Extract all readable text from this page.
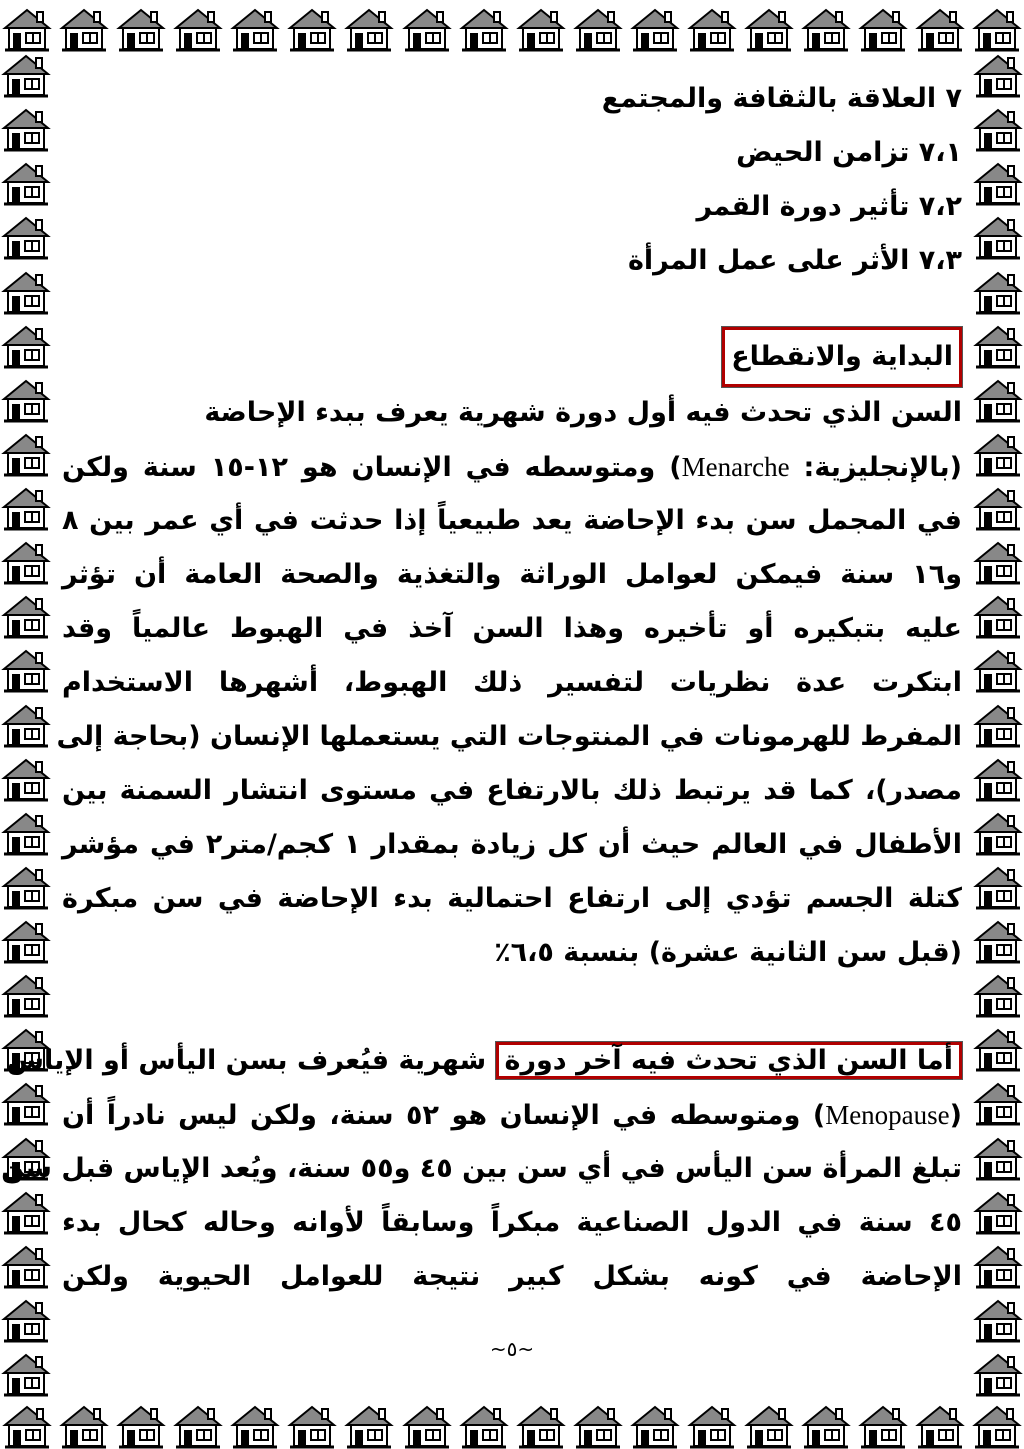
٧ العلاقة بالثقافة والمجتمع
٧،١ تزامن الحيض
٧،٢ تأثير دورة القمر
٧،٣ الأثر على عمل المرأة
البداية والانقطاع
السن الذي تحدث فيه أول دورة شهرية يعرف ببدء الإحاضة
(بالإنجليزية: Menarche) ومتوسطه في الإنسان هو ١٢-١٥ سنة ولكن
في المجمل سن بدء الإحاضة يعد طبيعياً إذا حدثت في أي عمر بين ٨
و١٦ سنة فيمكن لعوامل الوراثة والتغذية والصحة العامة أن تؤثر
عليه بتبكيره أو تأخيره وهذا السن آخذ في الهبوط عالمياً وقد
ابتكرت عدة نظريات لتفسير ذلك الهبوط، أشهرها الاستخدام
المفرط للهرمونات في المنتوجات التي يستعملها الإنسان (بحاجة إلى
مصدر)، كما قد يرتبط ذلك بالارتفاع في مستوى انتشار السمنة بين
الأطفال في العالم حيث أن كل زيادة بمقدار ١ كجم/متر٢ في مؤشر
كتلة الجسم تؤدي إلى ارتفاع احتمالية بدء الإحاضة في سن مبكرة
(قبل سن الثانية عشرة) بنسبة ٦،٥٪
أما السن الذي تحدث فيه آخر دورة شهرية فيُعرف بسن اليأس أو الإياس
(Menopause) ومتوسطه في الإنسان هو ٥٢ سنة، ولكن ليس نادراً أن
تبلغ المرأة سن اليأس في أي سن بين ٤٥ و٥٥ سنة، ويُعد الإياس قبل سن
٤٥ سنة في الدول الصناعية مبكراً وسابقاً لأوانه وحاله كحال بدء
الإحاضة في كونه بشكل كبير نتيجة للعوامل الحيوية ولكن
~٥~
